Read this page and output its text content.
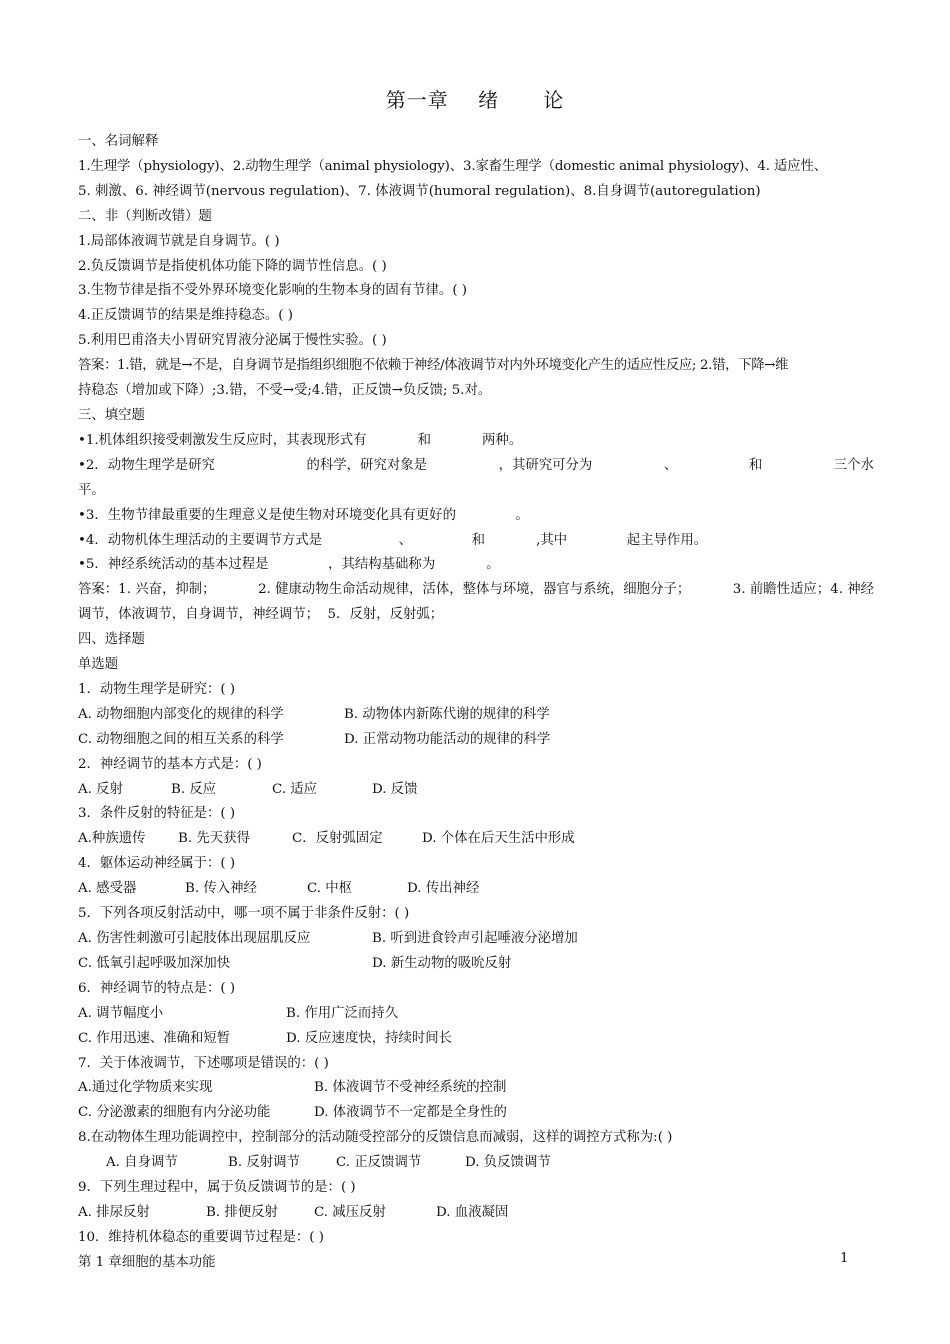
第一章    绪      论
一、名词解释
1.生理学（physiology)、2.动物生理学（animal physiology)、3.家畜生理学（domestic animal physiology)、4. 适应性、
5. 刺激、6. 神经调节(nervous regulation)、7. 体液调节(humoral regulation)、8.自身调节(autoregulation)
二、非（判断改错）题
1.局部体液调节就是自身调节。( )
2.负反馈调节是指使机体功能下降的调节性信息。( )
3.生物节律是指不受外界环境变化影响的生物本身的固有节律。( )
4.正反馈调节的结果是维持稳态。( )
5.利用巴甫洛夫小胃研究胃液分泌属于慢性实验。( )
答案：1.错，就是→不是，自身调节是指组织细胞不依赖于神经/体液调节对内外环境变化产生的适应性反应; 2.错，下降→维
持稳态（增加或下降）;3.错，不受→受;4.错，正反馈→负反馈; 5.对。
三、填空题
•1.机体组织接受刺激发生反应时，其表现形式有            和            两种。
•2．动物生理学是研究	的科学，研究对象是	，其研究可分为	、	和	三个水
平。
•3．生物节律最重要的生理意义是使生物对环境变化具有更好的              。
•4．动物机体生理活动的主要调节方式是                  、              和            ,其中              起主导作用。
•5．神经系统活动的基本过程是              ，其结构基础称为            。
答案：1. 兴奋，抑制；	2. 健康动物生命活动规律，活体，整体与环境，器官与系统，细胞分子；	3. 前瞻性适应；4. 神经
调节，体液调节，自身调节，神经调节；  5．反射，反射弧；
四、选择题
单选题
1．动物生理学是研究：( )
A. 动物细胞内部变化的规律的科学	B. 动物体内新陈代谢的规律的科学
C. 动物细胞之间的相互关系的科学	D. 正常动物功能活动的规律的科学
2．神经调节的基本方式是：( )
A. 反射	B. 反应	C. 适应	D. 反馈
3．条件反射的特征是：( )
A.种族遗传	B. 先天获得	C．反射弧固定	D. 个体在后天生活中形成
4．躯体运动神经属于：( )
A. 感受器	B. 传入神经	C. 中枢	D. 传出神经
5．下列各项反射活动中，哪一项不属于非条件反射：( )
A. 伤害性刺激可引起肢体出现屈肌反应	B. 听到进食铃声引起唾液分泌增加
C. 低氧引起呼吸加深加快	D. 新生动物的吸吮反射
6．神经调节的特点是：( )
A. 调节幅度小	B. 作用广泛而持久
C. 作用迅速、准确和短暂	D. 反应速度快，持续时间长
7．关于体液调节，下述哪项是错误的：( )
A.通过化学物质来实现	B. 体液调节不受神经系统的控制
C. 分泌激素的细胞有内分泌功能	D. 体液调节不一定都是全身性的
8.在动物体生理功能调控中，控制部分的活动随受控部分的反馈信息而减弱，这样的调控方式称为:( )
A. 自身调节	B. 反射调节	C. 正反馈调节	D. 负反馈调节
9．下列生理过程中，属于负反馈调节的是：( )
A. 排尿反射	B. 排便反射	C. 减压反射	D. 血液凝固
10．维持机体稳态的重要调节过程是：( )
第 1 章细胞的基本功能	1
